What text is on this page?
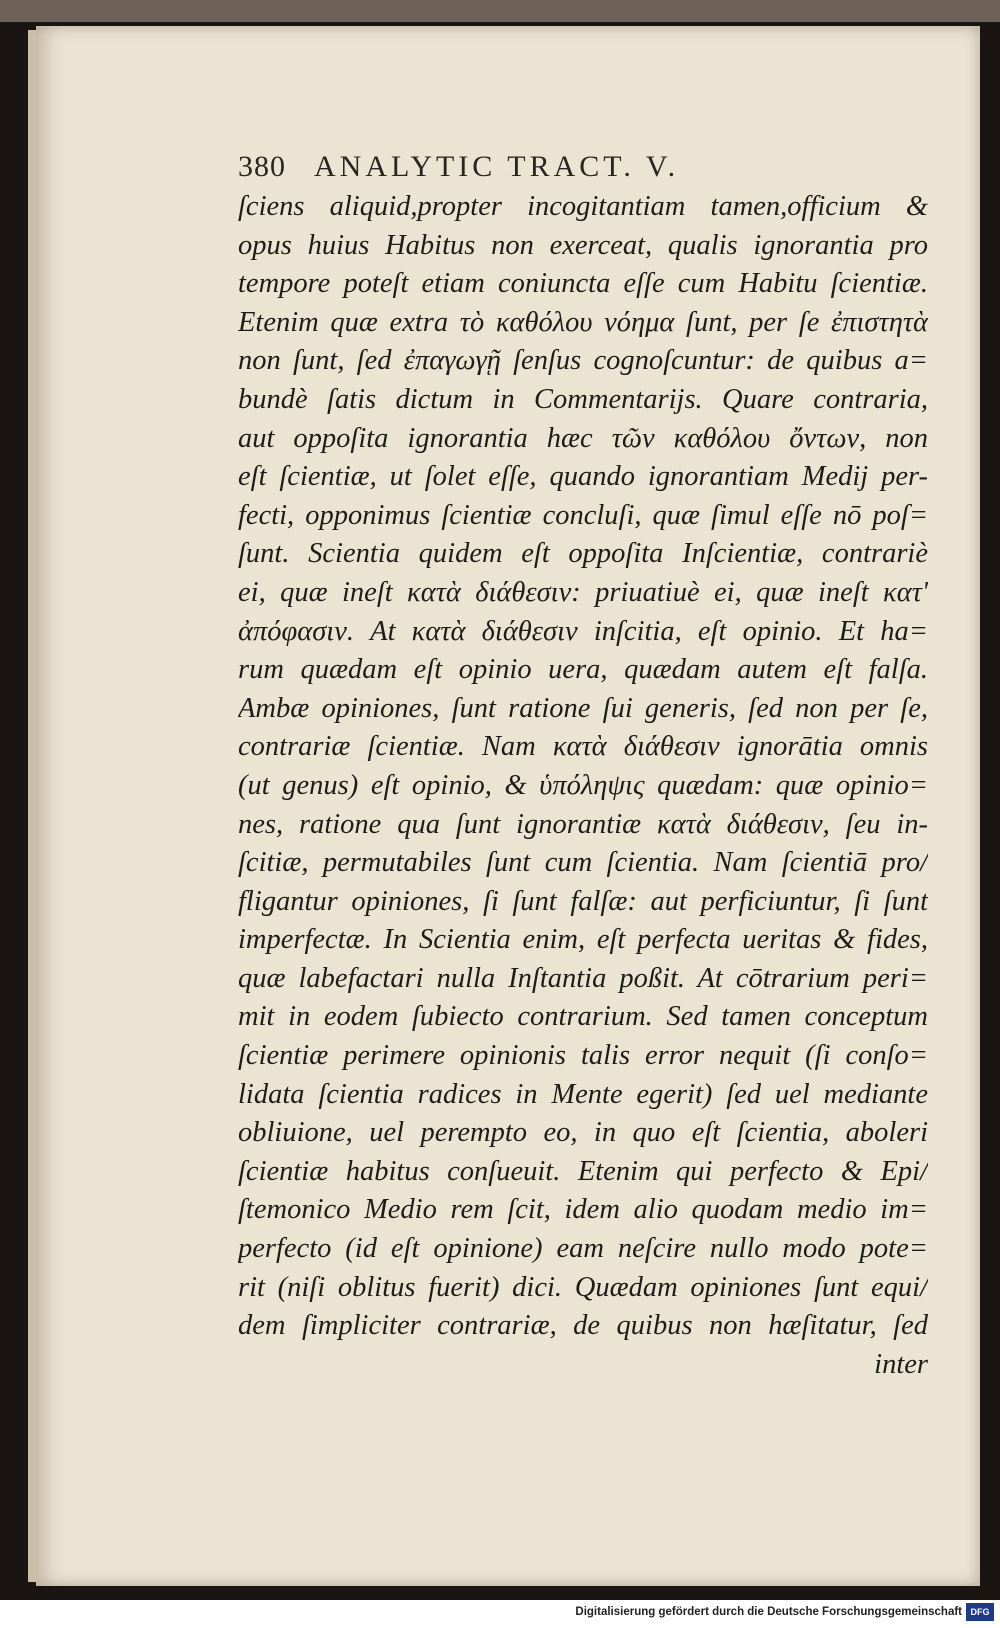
380 ANALYTIC TRACT. V.
ſciens aliquid,propter incogitantiam tamen,officium &
opus huius Habitus non exerceat, qualis ignorantia pro
tempore poteſt etiam coniuncta eſſe cum Habitu ſcientiæ.
Etenim quæ extra τὸ καθόλου νόημα ſunt, per ſe ἐπιστητὰ
non ſunt, ſed ἐπαγωγῇ ſenſus cognoſcuntur: de quibus a=
bundè ſatis dictum in Commentarijs. Quare contraria,
aut oppoſita ignorantia hæc τῶν καθόλου ὄντων, non
eſt ſcientiæ, ut ſolet eſſe, quando ignorantiam Medij per-
fecti, opponimus ſcientiæ concluſi, quæ ſimul eſſe nō poſ=
ſunt. Scientia quidem eſt oppoſita Inſcientiæ, contrariè
ei, quæ ineſt κατὰ διάθεσιν: priuatiuè ei, quæ ineſt κατ'
ἀπόφασιν. At κατὰ διάθεσιν inſcitia, eſt opinio. Et ha=
rum quædam eſt opinio uera, quædam autem eſt falſa.
Ambæ opiniones, ſunt ratione ſui generis, ſed non per ſe,
contrariæ ſcientiæ. Nam κατὰ διάθεσιν ignorātia omnis
(ut genus) eſt opinio, & ὑπόληψις quædam: quæ opinio=
nes, ratione qua ſunt ignorantiæ κατὰ διάθεσιν, ſeu in-
ſcitiæ, permutabiles ſunt cum ſcientia. Nam ſcientiā pro/
fligantur opiniones, ſi ſunt falſæ: aut perficiuntur, ſi ſunt
imperfectæ. In Scientia enim, eſt perfecta ueritas & fides,
quæ labefactari nulla Inſtantia poßit. At cōtrarium peri=
mit in eodem ſubiecto contrarium. Sed tamen conceptum
ſcientiæ perimere opinionis talis error nequit (ſi conſo=
lidata ſcientia radices in Mente egerit) ſed uel mediante
obliuione, uel perempto eo, in quo eſt ſcientia, aboleri
ſcientiæ habitus conſueuit. Etenim qui perfecto & Epi/
ſtemonico Medio rem ſcit, idem alio quodam medio im=
perfecto (id eſt opinione) eam neſcire nullo modo pote=
rit (niſi oblitus fuerit) dici. Quædam opiniones ſunt equi/
dem ſimpliciter contrariæ, de quibus non hæſitatur, ſed
inter
Digitalisierung gefördert durch die Deutsche Forschungsgemeinschaft DFG
